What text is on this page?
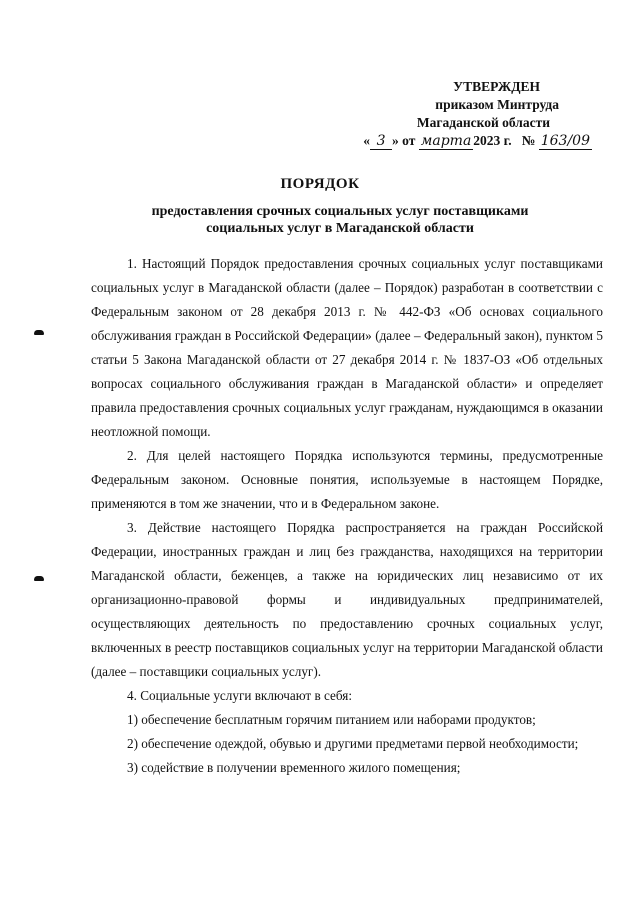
УТВЕРЖДЕН
приказом Минтруда
Магаданской области
« 3 » от марта 2023 г. № 163/09
ПОРЯДОК
предоставления срочных социальных услуг поставщиками социальных услуг в Магаданской области

1. Настоящий Порядок предоставления срочных социальных услуг поставщиками социальных услуг в Магаданской области (далее – Порядок) разработан в соответствии с Федеральным законом от 28 декабря 2013 г. № 442-ФЗ «Об основах социального обслуживания граждан в Российской Федерации» (далее – Федеральный закон), пунктом 5 статьи 5 Закона Магаданской области от 27 декабря 2014 г. № 1837-ОЗ «Об отдельных вопросах социального обслуживания граждан в Магаданской области» и определяет правила предоставления срочных социальных услуг гражданам, нуждающимся в оказании неотложной помощи.

2. Для целей настоящего Порядка используются термины, предусмотренные Федеральным законом. Основные понятия, используемые в настоящем Порядке, применяются в том же значении, что и в Федеральном законе.

3. Действие настоящего Порядка распространяется на граждан Российской Федерации, иностранных граждан и лиц без гражданства, находящихся на территории Магаданской области, беженцев, а также на юридических лиц независимо от их организационно-правовой формы и индивидуальных предпринимателей, осуществляющих деятельность по предоставлению срочных социальных услуг, включенных в реестр поставщиков социальных услуг на территории Магаданской области (далее – поставщики социальных услуг).

4. Социальные услуги включают в себя:

1) обеспечение бесплатным горячим питанием или наборами продуктов;

2) обеспечение одеждой, обувью и другими предметами первой необходимости;

3) содействие в получении временного жилого помещения;
